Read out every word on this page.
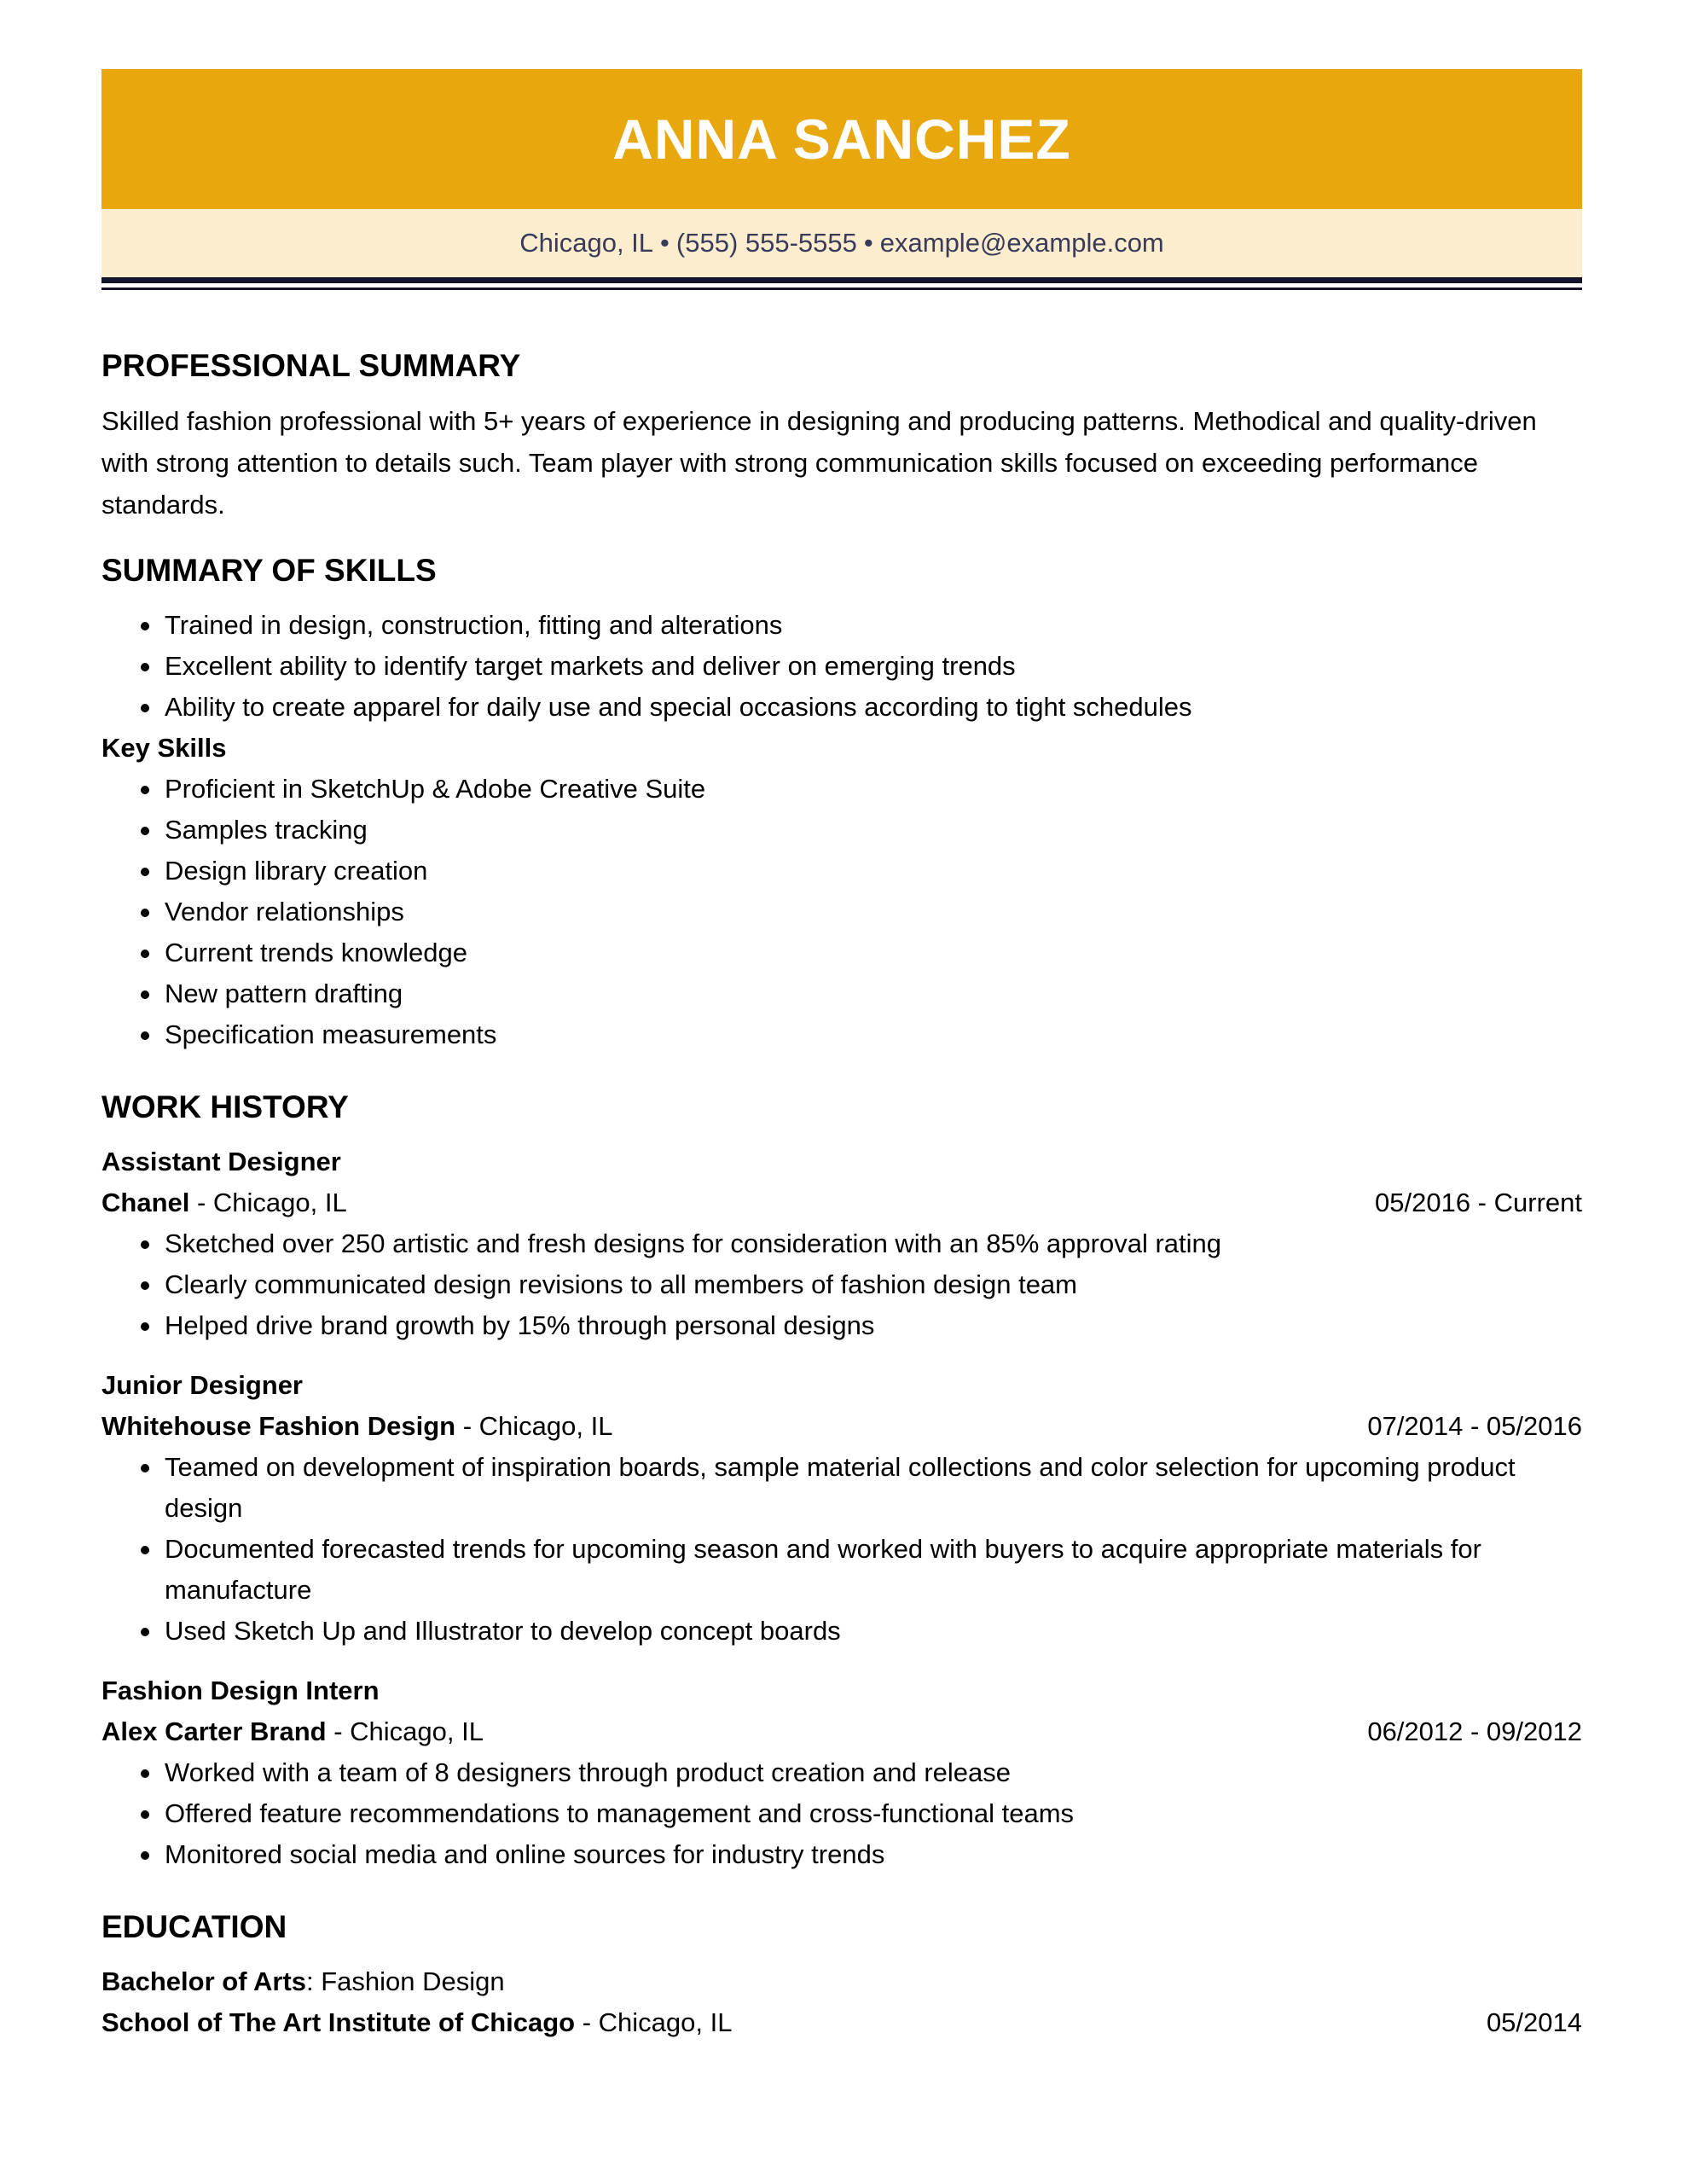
ANNA SANCHEZ
Chicago, IL • (555) 555-5555 • example@example.com
PROFESSIONAL SUMMARY

Skilled fashion professional with 5+ years of experience in designing and producing patterns. Methodical and quality-driven with strong attention to details such. Team player with strong communication skills focused on exceeding performance standards.

SUMMARY OF SKILLS
Trained in design, construction, fitting and alterations
Excellent ability to identify target markets and deliver on emerging trends
Ability to create apparel for daily use and special occasions according to tight schedules
Key Skills
Proficient in SketchUp & Adobe Creative Suite
Samples tracking
Design library creation
Vendor relationships
Current trends knowledge
New pattern drafting
Specification measurements
WORK HISTORY
Assistant Designer
Chanel - Chicago, IL	05/2016 - Current
Sketched over 250 artistic and fresh designs for consideration with an 85% approval rating
Clearly communicated design revisions to all members of fashion design team
Helped drive brand growth by 15% through personal designs
Junior Designer
Whitehouse Fashion Design - Chicago, IL	07/2014 - 05/2016
Teamed on development of inspiration boards, sample material collections and color selection for upcoming product design
Documented forecasted trends for upcoming season and worked with buyers to acquire appropriate materials for manufacture
Used Sketch Up and Illustrator to develop concept boards
Fashion Design Intern
Alex Carter Brand - Chicago, IL	06/2012 - 09/2012
Worked with a team of 8 designers through product creation and release
Offered feature recommendations to management and cross-functional teams
Monitored social media and online sources for industry trends
EDUCATION
Bachelor of Arts: Fashion Design
School of The Art Institute of Chicago - Chicago, IL	05/2014
